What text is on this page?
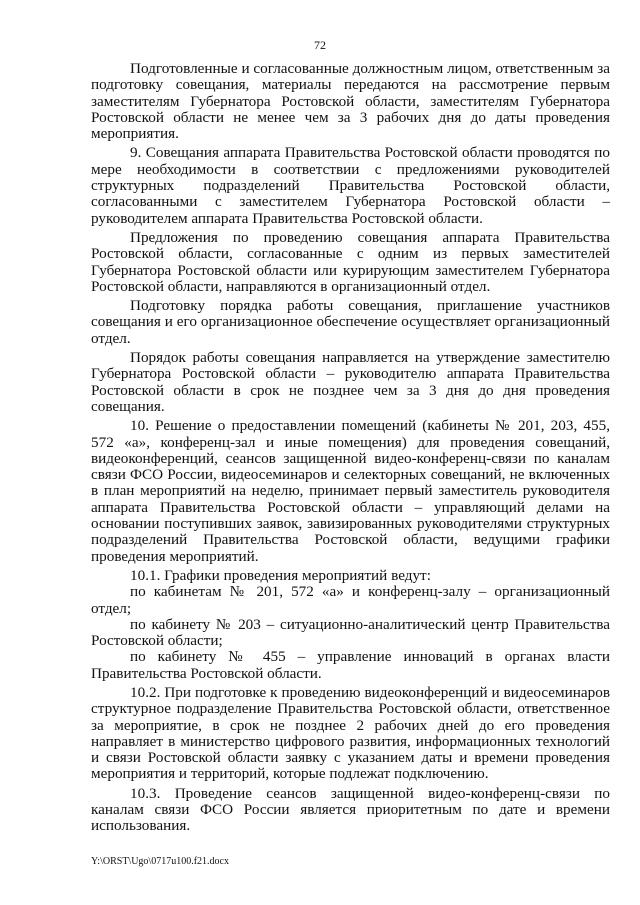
72

Подготовленные и согласованные должностным лицом, ответственным за подготовку совещания, материалы передаются на рассмотрение первым заместителям Губернатора Ростовской области, заместителям Губернатора Ростовской области не менее чем за 3 рабочих дня до даты проведения мероприятия.

9. Совещания аппарата Правительства Ростовской области проводятся по мере необходимости в соответствии с предложениями руководителей структурных подразделений Правительства Ростовской области, согласованными с заместителем Губернатора Ростовской области – руководителем аппарата Правительства Ростовской области.

Предложения по проведению совещания аппарата Правительства Ростовской области, согласованные с одним из первых заместителей Губернатора Ростовской области или курирующим заместителем Губернатора Ростовской области, направляются в организационный отдел.

Подготовку порядка работы совещания, приглашение участников совещания и его организационное обеспечение осуществляет организационный отдел.

Порядок работы совещания направляется на утверждение заместителю Губернатора Ростовской области – руководителю аппарата Правительства Ростовской области в срок не позднее чем за 3 дня до дня проведения совещания.

10. Решение о предоставлении помещений (кабинеты № 201, 203, 455, 572 «а», конференц-зал и иные помещения) для проведения совещаний, видеоконференций, сеансов защищенной видео-конференц-связи по каналам связи ФСО России, видеосеминаров и селекторных совещаний, не включенных в план мероприятий на неделю, принимает первый заместитель руководителя аппарата Правительства Ростовской области – управляющий делами на основании поступивших заявок, завизированных руководителями структурных подразделений Правительства Ростовской области, ведущими графики проведения мероприятий.

10.1. Графики проведения мероприятий ведут:

по кабинетам № 201, 572 «а» и конференц-залу – организационный отдел;

по кабинету № 203 – ситуационно-аналитический центр Правительства Ростовской области;

по кабинету № 455 – управление инноваций в органах власти Правительства Ростовской области.

10.2. При подготовке к проведению видеоконференций и видеосеминаров структурное подразделение Правительства Ростовской области, ответственное за мероприятие, в срок не позднее 2 рабочих дней до его проведения направляет в министерство цифрового развития, информационных технологий и связи Ростовской области заявку с указанием даты и времени проведения мероприятия и территорий, которые подлежат подключению.

10.3. Проведение сеансов защищенной видео-конференц-связи по каналам связи ФСО России является приоритетным по дате и времени использования.

Y:\ORST\Ugo\0717u100.f21.docx
